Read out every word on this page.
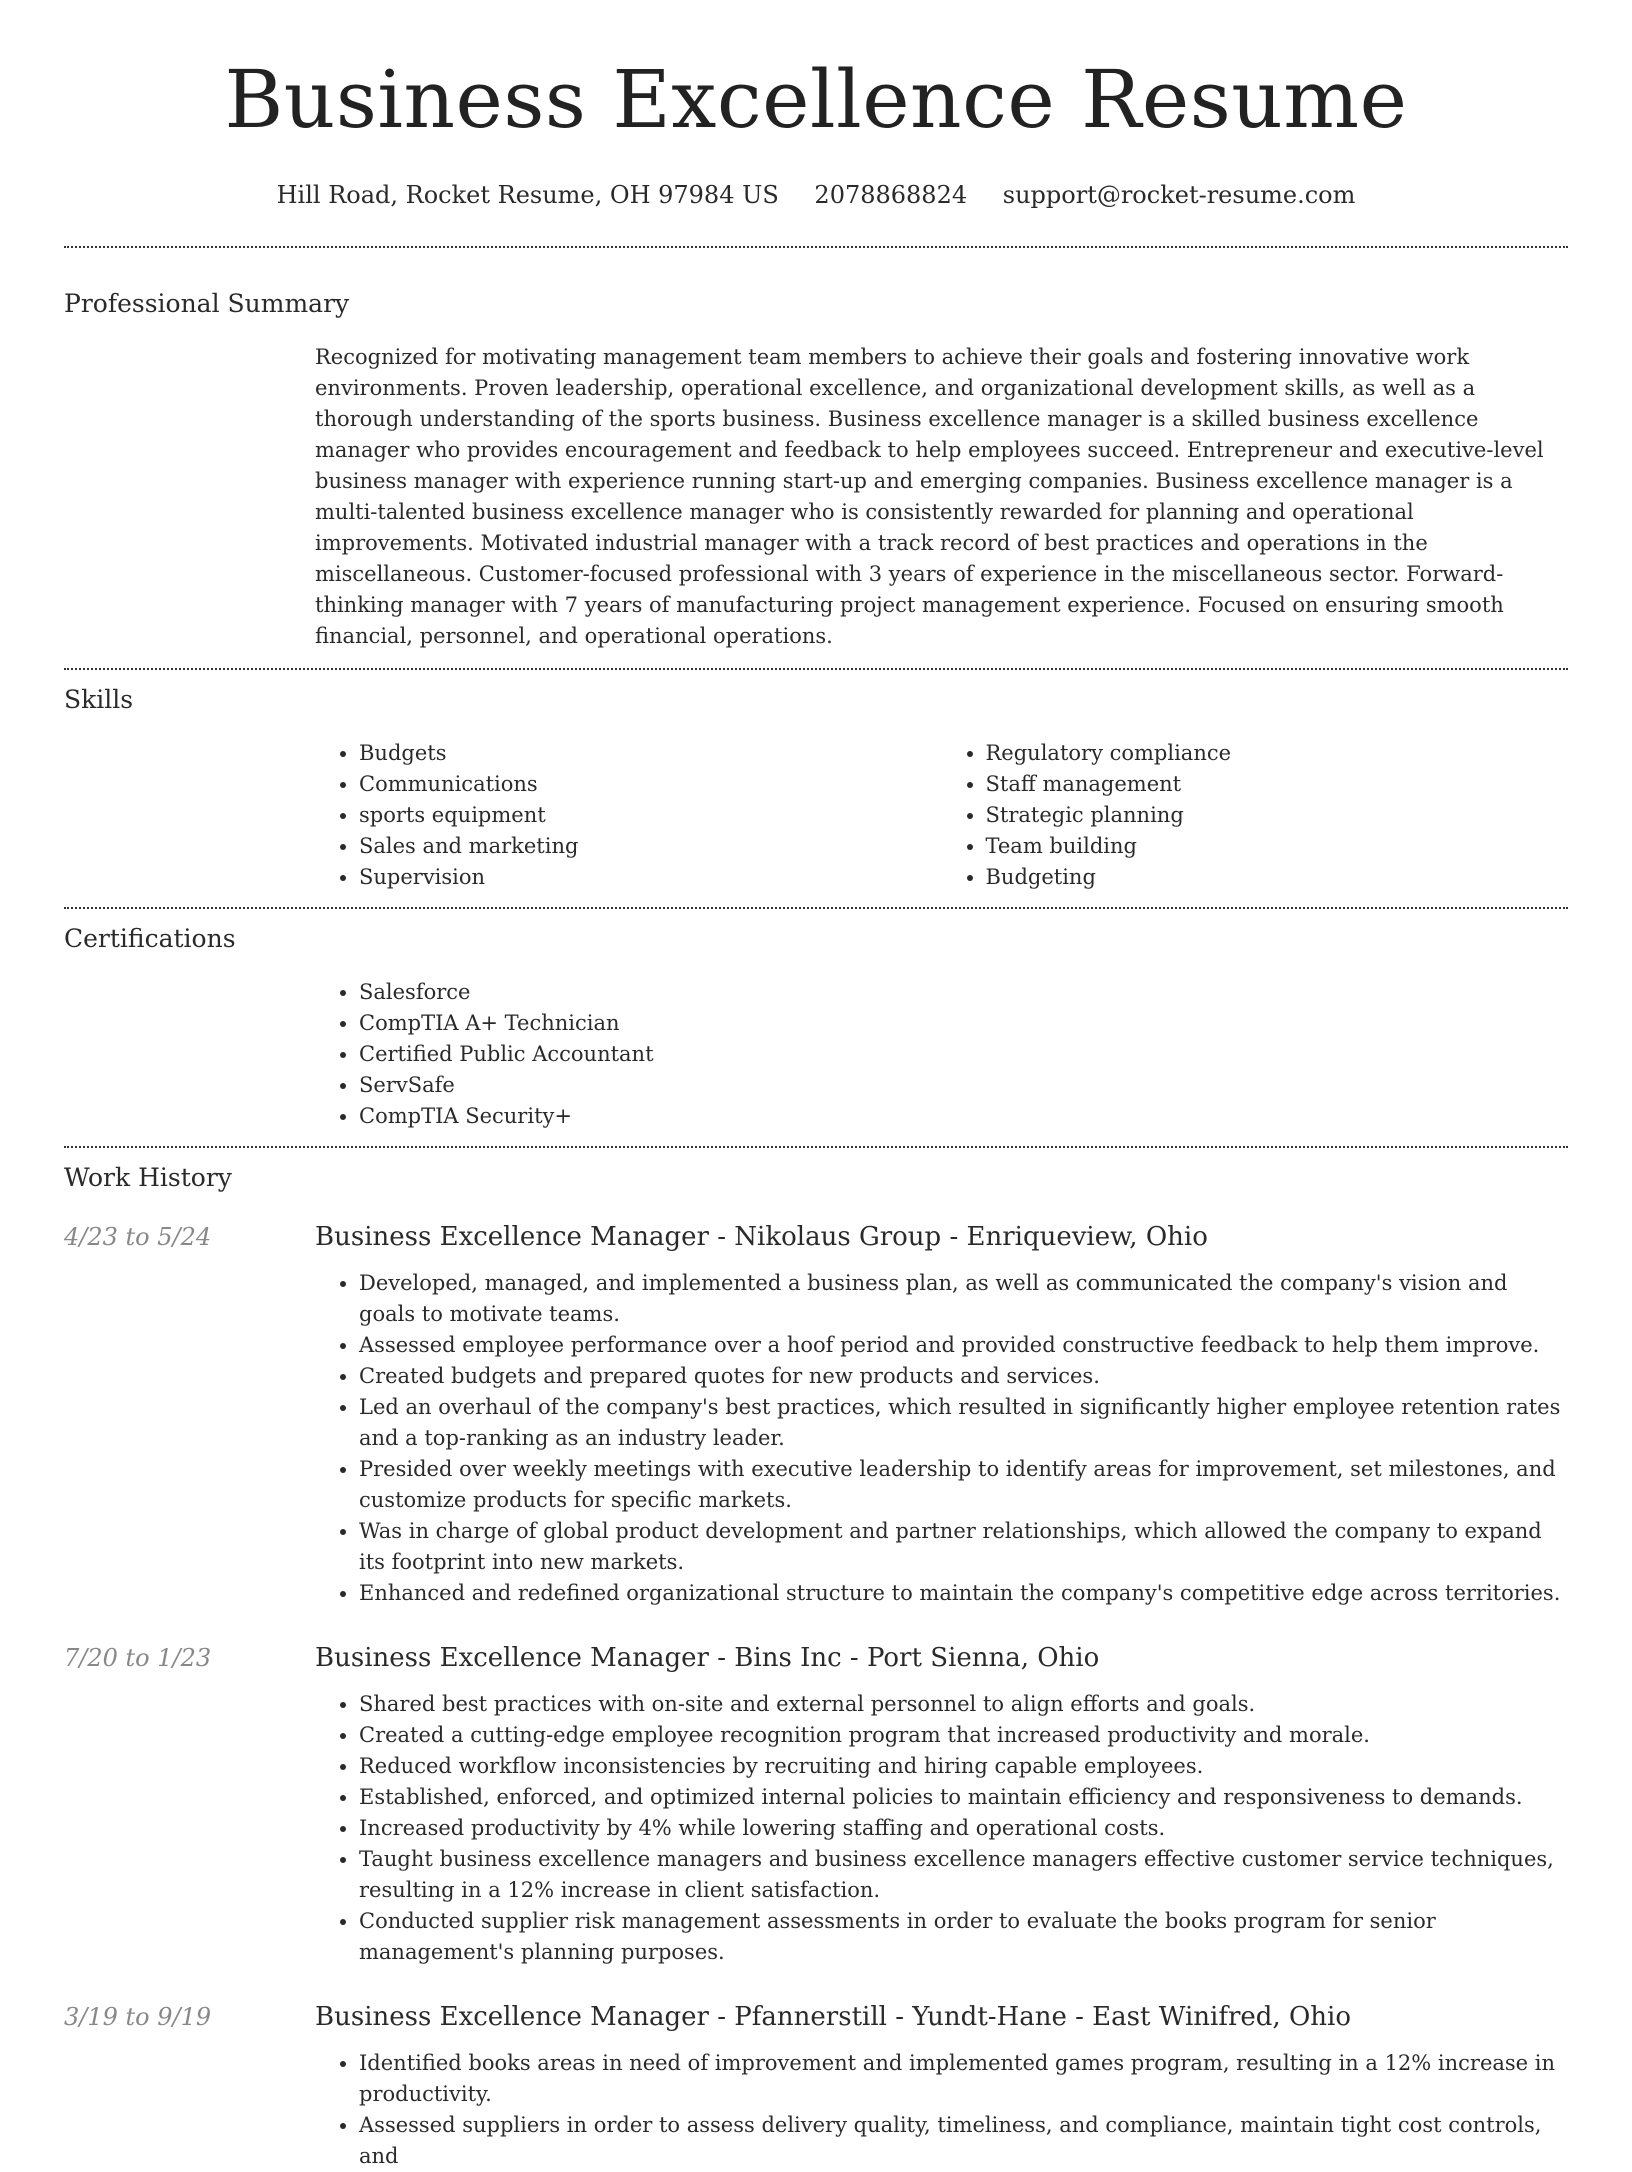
Business Excellence Resume
Hill Road, Rocket Resume, OH 97984 US 2078868824 support@rocket-resume.com
Professional Summary
Recognized for motivating management team members to achieve their goals and fostering innovative work environments. Proven leadership, operational excellence, and organizational development skills, as well as a thorough understanding of the sports business. Business excellence manager is a skilled business excellence manager who provides encouragement and feedback to help employees succeed. Entrepreneur and executive-level business manager with experience running start-up and emerging companies. Business excellence manager is a multi-talented business excellence manager who is consistently rewarded for planning and operational improvements. Motivated industrial manager with a track record of best practices and operations in the miscellaneous. Customer-focused professional with 3 years of experience in the miscellaneous sector. Forward-thinking manager with 7 years of manufacturing project management experience. Focused on ensuring smooth financial, personnel, and operational operations.
Skills
• Budgets
• Communications
• sports equipment
• Sales and marketing
• Supervision
• Regulatory compliance
• Staff management
• Strategic planning
• Team building
• Budgeting
Certifications
• Salesforce
• CompTIA A+ Technician
• Certified Public Accountant
• ServSafe
• CompTIA Security+
Work History
4/23 to 5/24	Business Excellence Manager - Nikolaus Group - Enriqueview, Ohio
• Developed, managed, and implemented a business plan, as well as communicated the company's vision and goals to motivate teams.
• Assessed employee performance over a hoof period and provided constructive feedback to help them improve.
• Created budgets and prepared quotes for new products and services.
• Led an overhaul of the company's best practices, which resulted in significantly higher employee retention rates and a top-ranking as an industry leader.
• Presided over weekly meetings with executive leadership to identify areas for improvement, set milestones, and customize products for specific markets.
• Was in charge of global product development and partner relationships, which allowed the company to expand its footprint into new markets.
• Enhanced and redefined organizational structure to maintain the company's competitive edge across territories.
7/20 to 1/23	Business Excellence Manager - Bins Inc - Port Sienna, Ohio
• Shared best practices with on-site and external personnel to align efforts and goals.
• Created a cutting-edge employee recognition program that increased productivity and morale.
• Reduced workflow inconsistencies by recruiting and hiring capable employees.
• Established, enforced, and optimized internal policies to maintain efficiency and responsiveness to demands.
• Increased productivity by 4% while lowering staffing and operational costs.
• Taught business excellence managers and business excellence managers effective customer service techniques, resulting in a 12% increase in client satisfaction.
• Conducted supplier risk management assessments in order to evaluate the books program for senior management's planning purposes.
3/19 to 9/19	Business Excellence Manager - Pfannerstill - Yundt-Hane - East Winifred, Ohio
• Identified books areas in need of improvement and implemented games program, resulting in a 12% increase in productivity.
• Assessed suppliers in order to assess delivery quality, timeliness, and compliance, maintain tight cost controls, and
